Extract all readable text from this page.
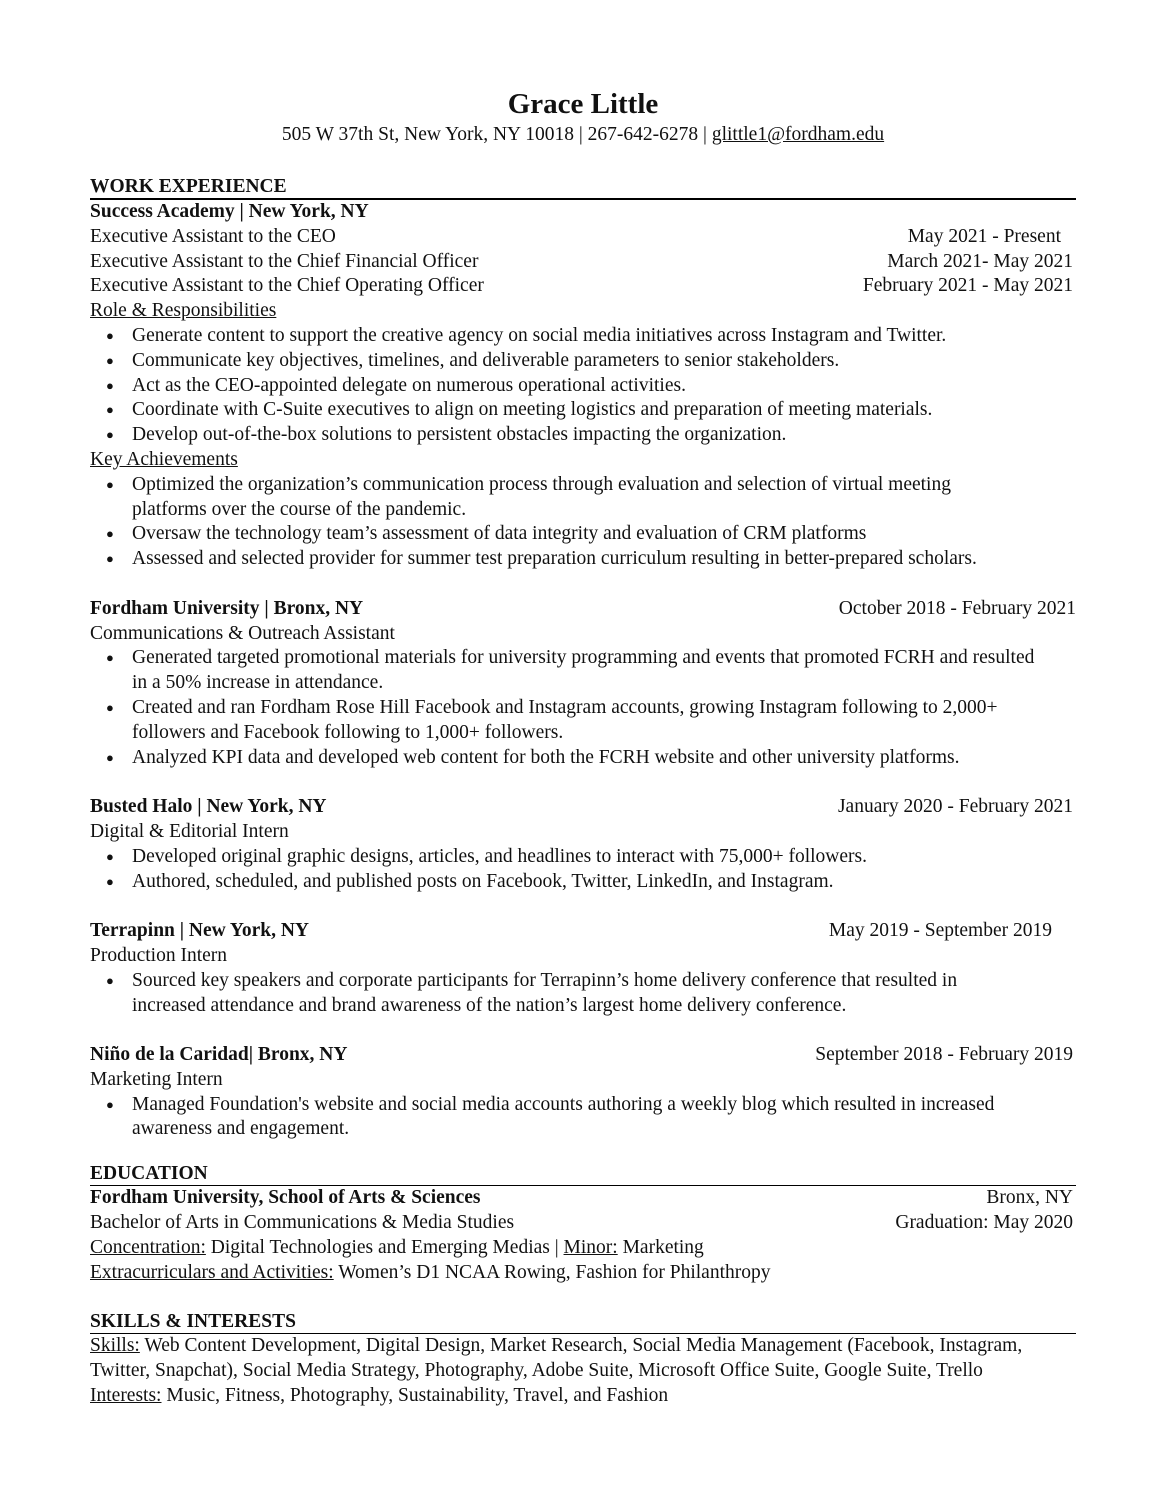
Grace Little
505 W 37th St, New York, NY 10018 | 267-642-6278 | glittle1@fordham.edu
WORK EXPERIENCE
Success Academy | New York, NY
Executive Assistant to the CEO	May 2021 - Present
Executive Assistant to the Chief Financial Officer	March 2021- May 2021
Executive Assistant to the Chief Operating Officer	February 2021 - May 2021
Role & Responsibilities
● Generate content to support the creative agency on social media initiatives across Instagram and Twitter.
● Communicate key objectives, timelines, and deliverable parameters to senior stakeholders.
● Act as the CEO-appointed delegate on numerous operational activities.
● Coordinate with C-Suite executives to align on meeting logistics and preparation of meeting materials.
● Develop out-of-the-box solutions to persistent obstacles impacting the organization.
Key Achievements
● Optimized the organization’s communication process through evaluation and selection of virtual meeting platforms over the course of the pandemic.
● Oversaw the technology team’s assessment of data integrity and evaluation of CRM platforms
● Assessed and selected provider for summer test preparation curriculum resulting in better-prepared scholars.
Fordham University | Bronx, NY	October 2018 - February 2021
Communications & Outreach Assistant
● Generated targeted promotional materials for university programming and events that promoted FCRH and resulted in a 50% increase in attendance.
● Created and ran Fordham Rose Hill Facebook and Instagram accounts, growing Instagram following to 2,000+ followers and Facebook following to 1,000+ followers.
● Analyzed KPI data and developed web content for both the FCRH website and other university platforms.
Busted Halo | New York, NY	January 2020 - February 2021
Digital & Editorial Intern
● Developed original graphic designs, articles, and headlines to interact with 75,000+ followers.
● Authored, scheduled, and published posts on Facebook, Twitter, LinkedIn, and Instagram.
Terrapinn | New York, NY	May 2019 - September 2019
Production Intern
● Sourced key speakers and corporate participants for Terrapinn’s home delivery conference that resulted in increased attendance and brand awareness of the nation’s largest home delivery conference.
Niño de la Caridad| Bronx, NY	September 2018 - February 2019
Marketing Intern
● Managed Foundation's website and social media accounts authoring a weekly blog which resulted in increased awareness and engagement.
EDUCATION
Fordham University, School of Arts & Sciences	Bronx, NY
Bachelor of Arts in Communications & Media Studies	Graduation: May 2020
Concentration: Digital Technologies and Emerging Medias | Minor: Marketing
Extracurriculars and Activities: Women’s D1 NCAA Rowing, Fashion for Philanthropy
SKILLS & INTERESTS
Skills: Web Content Development, Digital Design, Market Research, Social Media Management (Facebook, Instagram,
Twitter, Snapchat), Social Media Strategy, Photography, Adobe Suite, Microsoft Office Suite, Google Suite, Trello
Interests: Music, Fitness, Photography, Sustainability, Travel, and Fashion
